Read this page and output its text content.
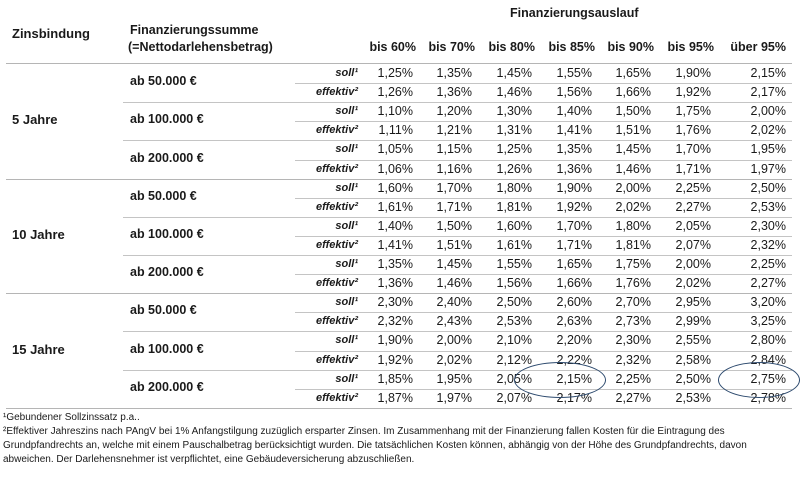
Zinsbindung	Finanzierungssumme
(=Nettodarlehensbetrag)
Finanzierungsauslauf
bis 60% bis 70%	bis 80%	bis 85% bis 90%	bis 95%	über 95%
5 Jahre
ab 50.000 €
soll¹	1,25%	1,35%	1,45%	1,55%	1,65%	1,90%	2,15%
effektiv²	1,26%	1,36%	1,46%	1,56%	1,66%	1,92%	2,17%
ab 100.000 €
soll¹	1,10%	1,20%	1,30%	1,40%	1,50%	1,75%	2,00%
effektiv²	1,11%	1,21%	1,31%	1,41%	1,51%	1,76%	2,02%
ab 200.000 €
soll¹	1,05%	1,15%	1,25%	1,35%	1,45%	1,70%	1,95%
effektiv²	1,06%	1,16%	1,26%	1,36%	1,46%	1,71%	1,97%
10 Jahre
ab 50.000 €
soll¹	1,60%	1,70%	1,80%	1,90%	2,00%	2,25%	2,50%
effektiv²	1,61%	1,71%	1,81%	1,92%	2,02%	2,27%	2,53%
ab 100.000 €
soll¹	1,40%	1,50%	1,60%	1,70%	1,80%	2,05%	2,30%
effektiv²	1,41%	1,51%	1,61%	1,71%	1,81%	2,07%	2,32%
ab 200.000 €
soll¹	1,35%	1,45%	1,55%	1,65%	1,75%	2,00%	2,25%
effektiv²	1,36%	1,46%	1,56%	1,66%	1,76%	2,02%	2,27%
15 Jahre
ab 50.000 €
soll¹	2,30%	2,40%	2,50%	2,60%	2,70%	2,95%	3,20%
effektiv²	2,32%	2,43%	2,53%	2,63%	2,73%	2,99%	3,25%
ab 100.000 €
soll¹	1,90%	2,00%	2,10%	2,20%	2,30%	2,55%	2,80%
effektiv²	1,92%	2,02%	2,12%	2,22%	2,32%	2,58%	2,84%
ab 200.000 €
soll¹	1,85%	1,95%	2,05%	2,15%	2,25%	2,50%	2,75%
effektiv²	1,87%	1,97%	2,07%	2,17%	2,27%	2,53%	2,78%
¹Gebundener Sollzinssatz p.a..
²Effektiver Jahreszins nach PAngV bei 1% Anfangstilgung zuzüglich ersparter Zinsen. Im Zusammenhang mit der Finanzierung fallen Kosten für die Eintragung des Grundpfandrechts an, welche mit einem Pauschalbetrag berücksichtigt wurden. Die tatsächlichen Kosten können, abhängig von der Höhe des Grundpfandrechts, davon abweichen. Der Darlehensnehmer ist verpflichtet, eine Gebäudeversicherung abzuschließen.
